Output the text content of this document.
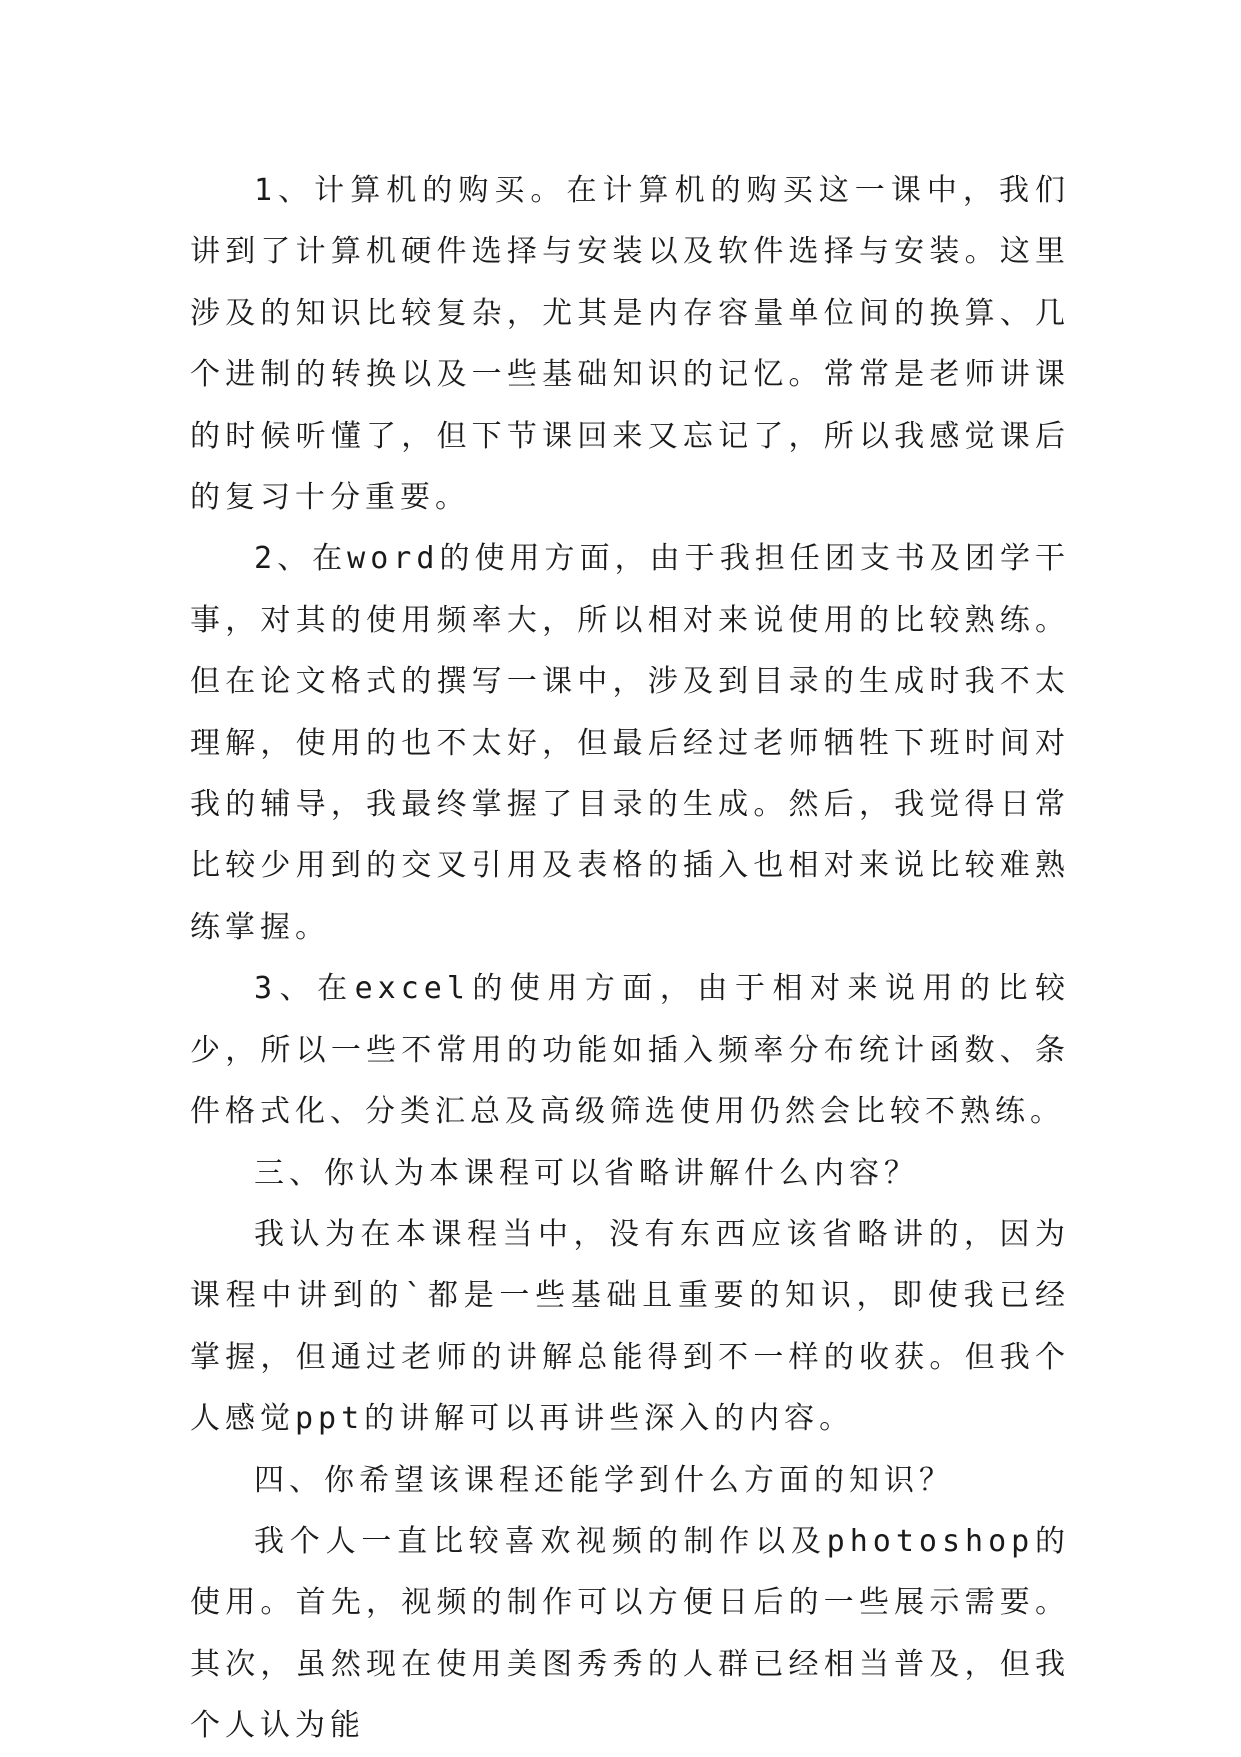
1、计算机的购买。在计算机的购买这一课中，我们讲到了计算机硬件选择与安装以及软件选择与安装。这里涉及的知识比较复杂，尤其是内存容量单位间的换算、几个进制的转换以及一些基础知识的记忆。常常是老师讲课的时候听懂了，但下节课回来又忘记了，所以我感觉课后的复习十分重要。

2、在word的使用方面，由于我担任团支书及团学干事，对其的使用频率大，所以相对来说使用的比较熟练。但在论文格式的撰写一课中，涉及到目录的生成时我不太理解，使用的也不太好，但最后经过老师牺牲下班时间对我的辅导，我最终掌握了目录的生成。然后，我觉得日常比较少用到的交叉引用及表格的插入也相对来说比较难熟练掌握。

3、在excel的使用方面，由于相对来说用的比较少，所以一些不常用的功能如插入频率分布统计函数、条件格式化、分类汇总及高级筛选使用仍然会比较不熟练。

三、你认为本课程可以省略讲解什么内容？

我认为在本课程当中，没有东西应该省略讲的，因为课程中讲到的`都是一些基础且重要的知识，即使我已经掌握，但通过老师的讲解总能得到不一样的收获。但我个人感觉ppt的讲解可以再讲些深入的内容。

四、你希望该课程还能学到什么方面的知识？

我个人一直比较喜欢视频的制作以及photoshop的使用。首先，视频的制作可以方便日后的一些展示需要。其次，虽然现在使用美图秀秀的人群已经相当普及，但我个人认为能
